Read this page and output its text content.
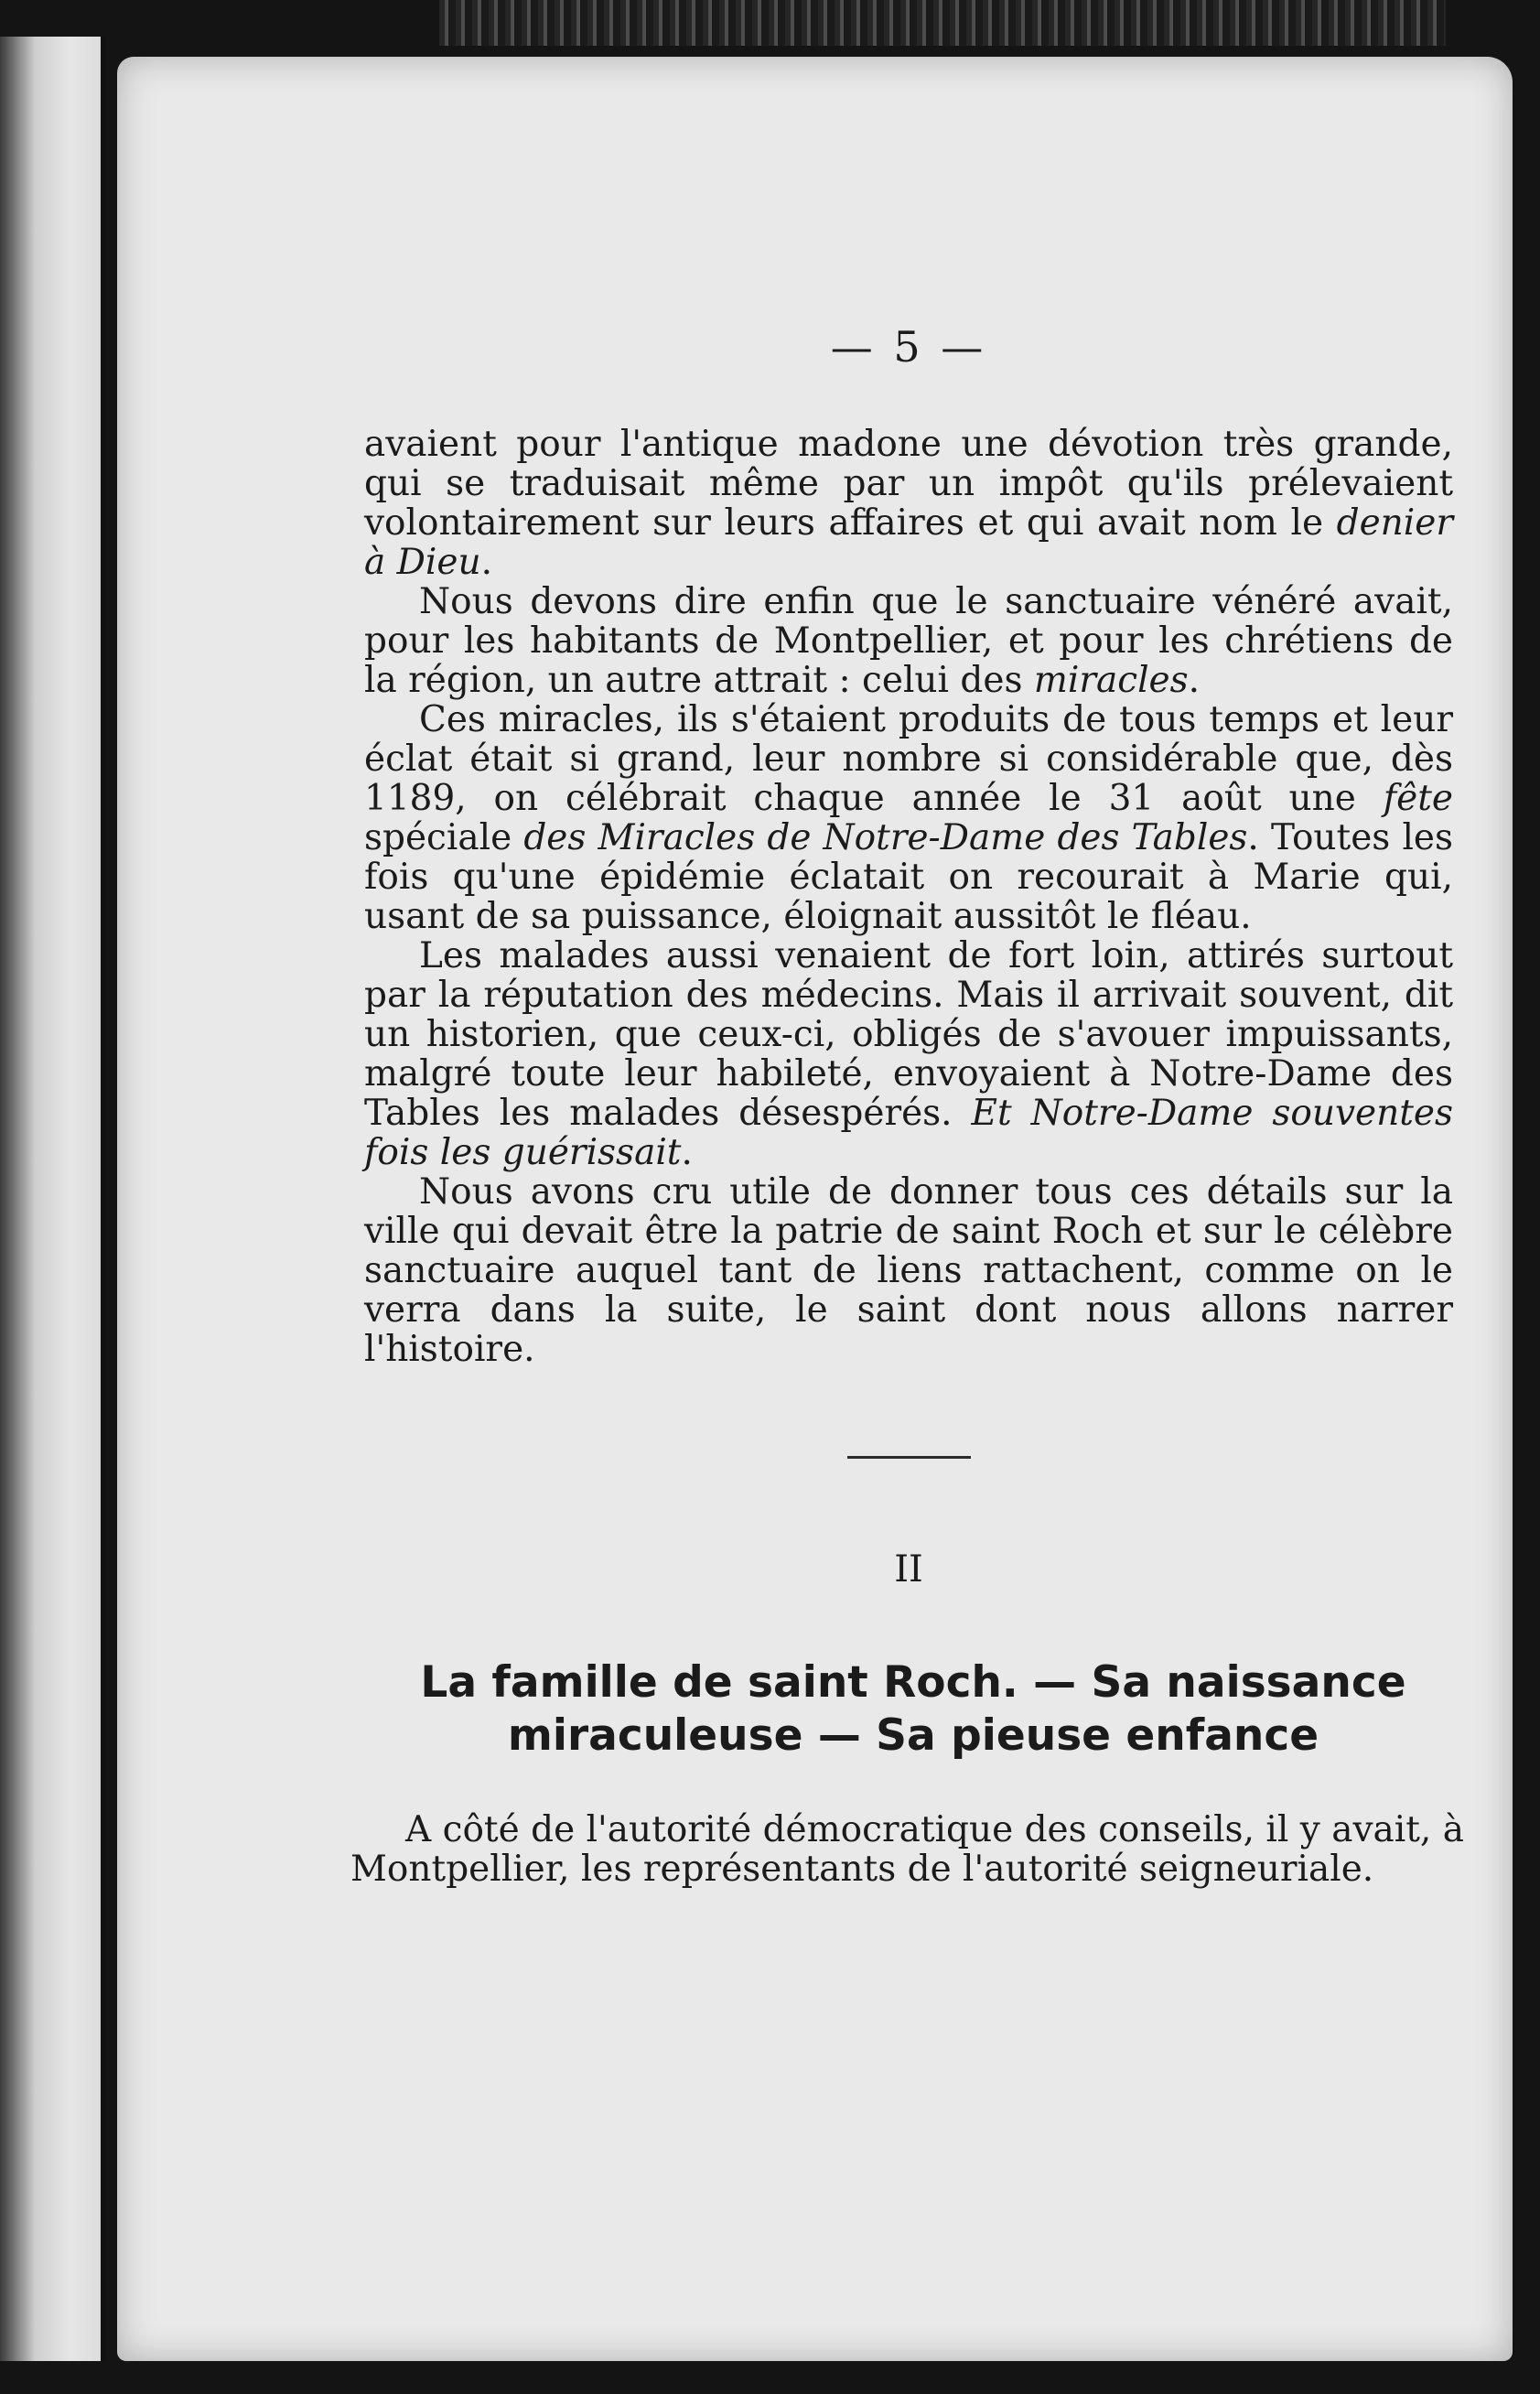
— 5 —

avaient pour l'antique madone une dévotion très grande, qui se traduisait même par un impôt qu'ils prélevaient volontairement sur leurs affaires et qui avait nom le denier à Dieu.

Nous devons dire enfin que le sanctuaire vénéré avait, pour les habitants de Montpellier, et pour les chrétiens de la région, un autre attrait : celui des miracles.

Ces miracles, ils s'étaient produits de tous temps et leur éclat était si grand, leur nombre si considérable que, dès 1189, on célébrait chaque année le 31 août une fête spéciale des Miracles de Notre-Dame des Tables. Toutes les fois qu'une épidémie éclatait on recourait à Marie qui, usant de sa puissance, éloignait aussitôt le fléau.

Les malades aussi venaient de fort loin, attirés surtout par la réputation des médecins. Mais il arrivait souvent, dit un historien, que ceux-ci, obligés de s'avouer impuissants, malgré toute leur habileté, envoyaient à Notre-Dame des Tables les malades désespérés. Et Notre-Dame souventes fois les guérissait.

Nous avons cru utile de donner tous ces détails sur la ville qui devait être la patrie de saint Roch et sur le célèbre sanctuaire auquel tant de liens rattachent, comme on le verra dans la suite, le saint dont nous allons narrer l'histoire.

II
La famille de saint Roch. — Sa naissance
miraculeuse — Sa pieuse enfance

A côté de l'autorité démocratique des conseils, il y avait, à Montpellier, les représentants de l'autorité seigneuriale.
